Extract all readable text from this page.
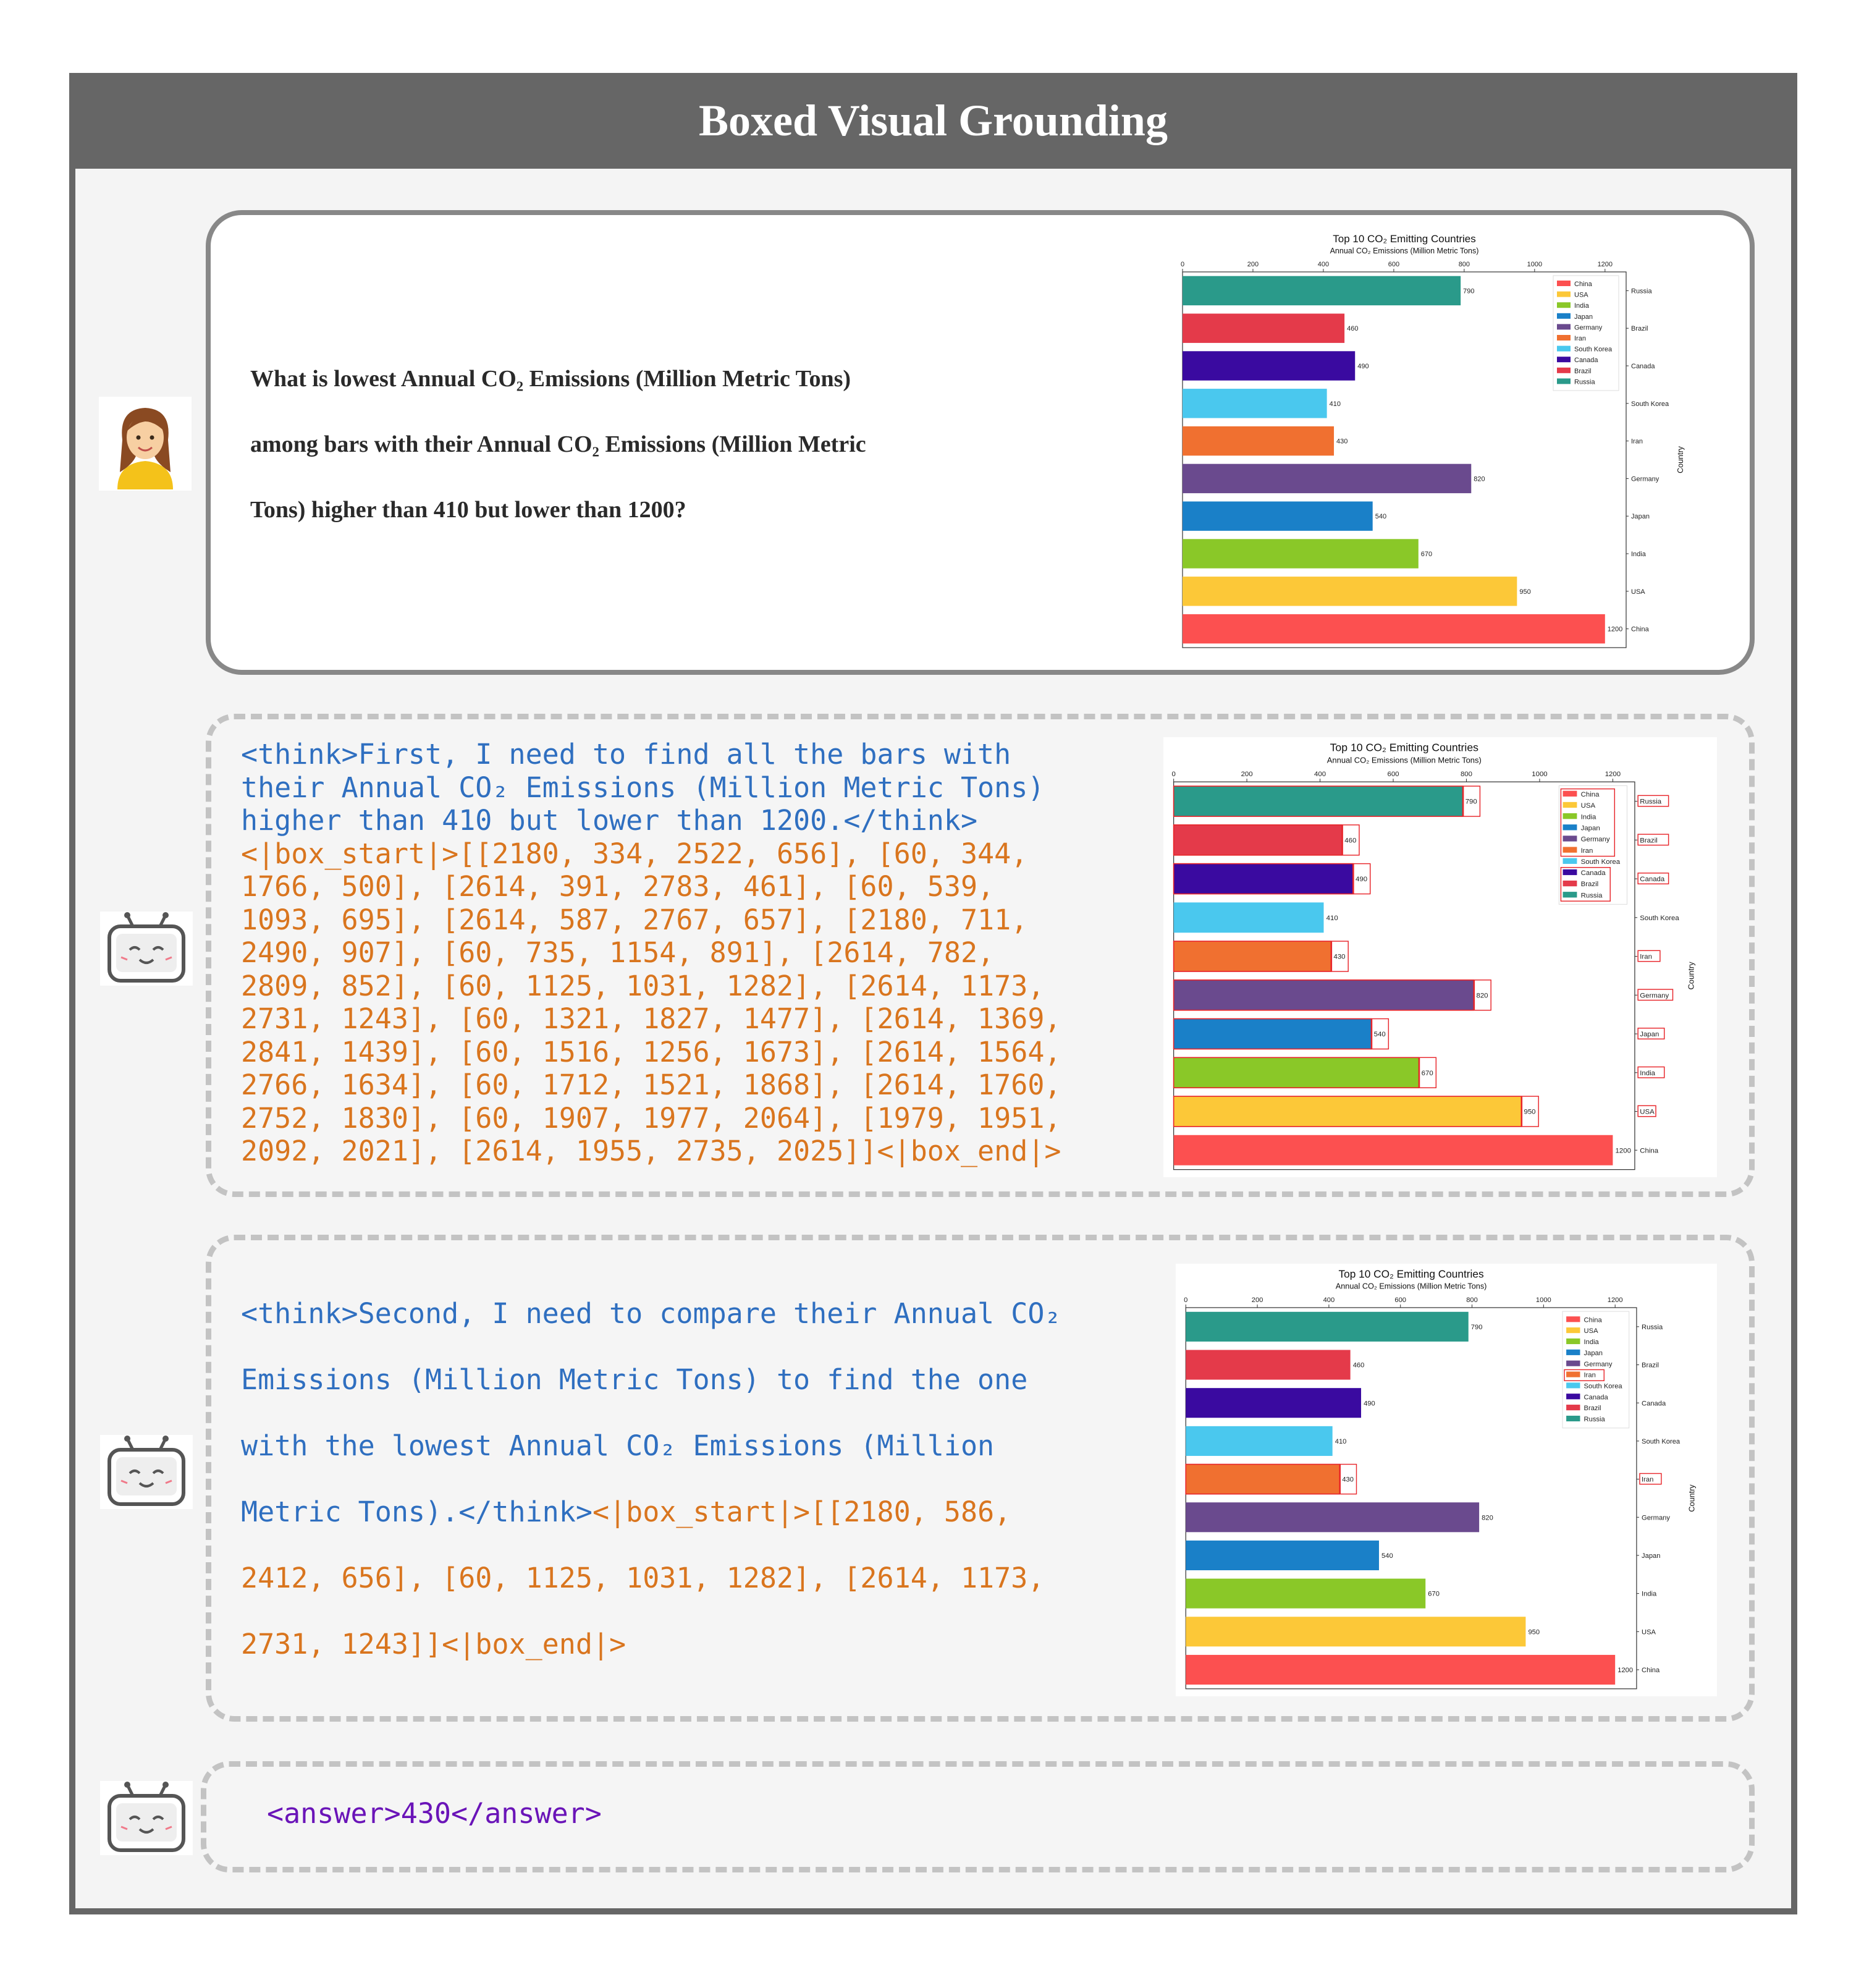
Boxed Visual Grounding
What is lowest Annual CO₂ Emissions (Million Metric Tons)
among bars with their Annual CO₂ Emissions (Million Metric
Tons) higher than 410 but lower than 1200?
Top 10 CO₂ Emitting Countries
Annual CO₂ Emissions (Million Metric Tons)
0	200	400	600	800	1000	1200
790	Russia
460	Brazil
490	Canada
410	South Korea
430	Iran
820	Germany
540	Japan
670	India
950	USA
1200 China
Country
China
USA
India
Japan
Germany
Iran
South Korea
Canada
Brazil
Russia
<think>First, I need to find all the bars with their Annual CO₂ Emissions (Million Metric Tons) higher than 410 but lower than 1200.</think><|box_start|>[[2180, 334, 2522, 656], [60, 344, 1766, 500], [2614, 391, 2783, 461], [60, 539, 1093, 695], [2614, 587, 2767, 657], [2180, 711, 2490, 907], [60, 735, 1154, 891], [2614, 782, 2809, 852], [60, 1125, 1031, 1282], [2614, 1173, 2731, 1243], [60, 1321, 1827, 1477], [2614, 1369, 2841, 1439], [60, 1516, 1256, 1673], [2614, 1564, 2766, 1634], [60, 1712, 1521, 1868], [2614, 1760, 2752, 1830], [60, 1907, 1977, 2064], [1979, 1951, 2092, 2021], [2614, 1955, 2735, 2025]]<|box_end|>
Top 10 CO₂ Emitting Countries
Annual CO₂ Emissions (Million Metric Tons)
0	200	400	600	800	1000	1200
790	Russia
460	Brazil
490	Canada
410	South Korea
430	Iran
820	Germany
540	Japan
670	India
950	USA
1200 China
Country
China
USA
India
Japan
Germany
Iran
South Korea
Canada
Brazil
Russia
<think>Second, I need to compare their Annual CO₂ Emissions (Million Metric Tons) to find the one with the lowest Annual CO₂ Emissions (Million Metric Tons).</think><|box_start|>[[2180, 586, 2412, 656], [60, 1125, 1031, 1282], [2614, 1173, 2731, 1243]]<|box_end|>
Top 10 CO₂ Emitting Countries
Annual CO₂ Emissions (Million Metric Tons)
0	200	400	600	800	1000	1200
790	Russia
460	Brazil
490	Canada
410	South Korea
430	Iran
820	Germany
540	Japan
670	India
950	USA
1200 China
Country
China
USA
India
Japan
Germany
Iran
South Korea
Canada
Brazil
Russia
<answer>430</answer>
